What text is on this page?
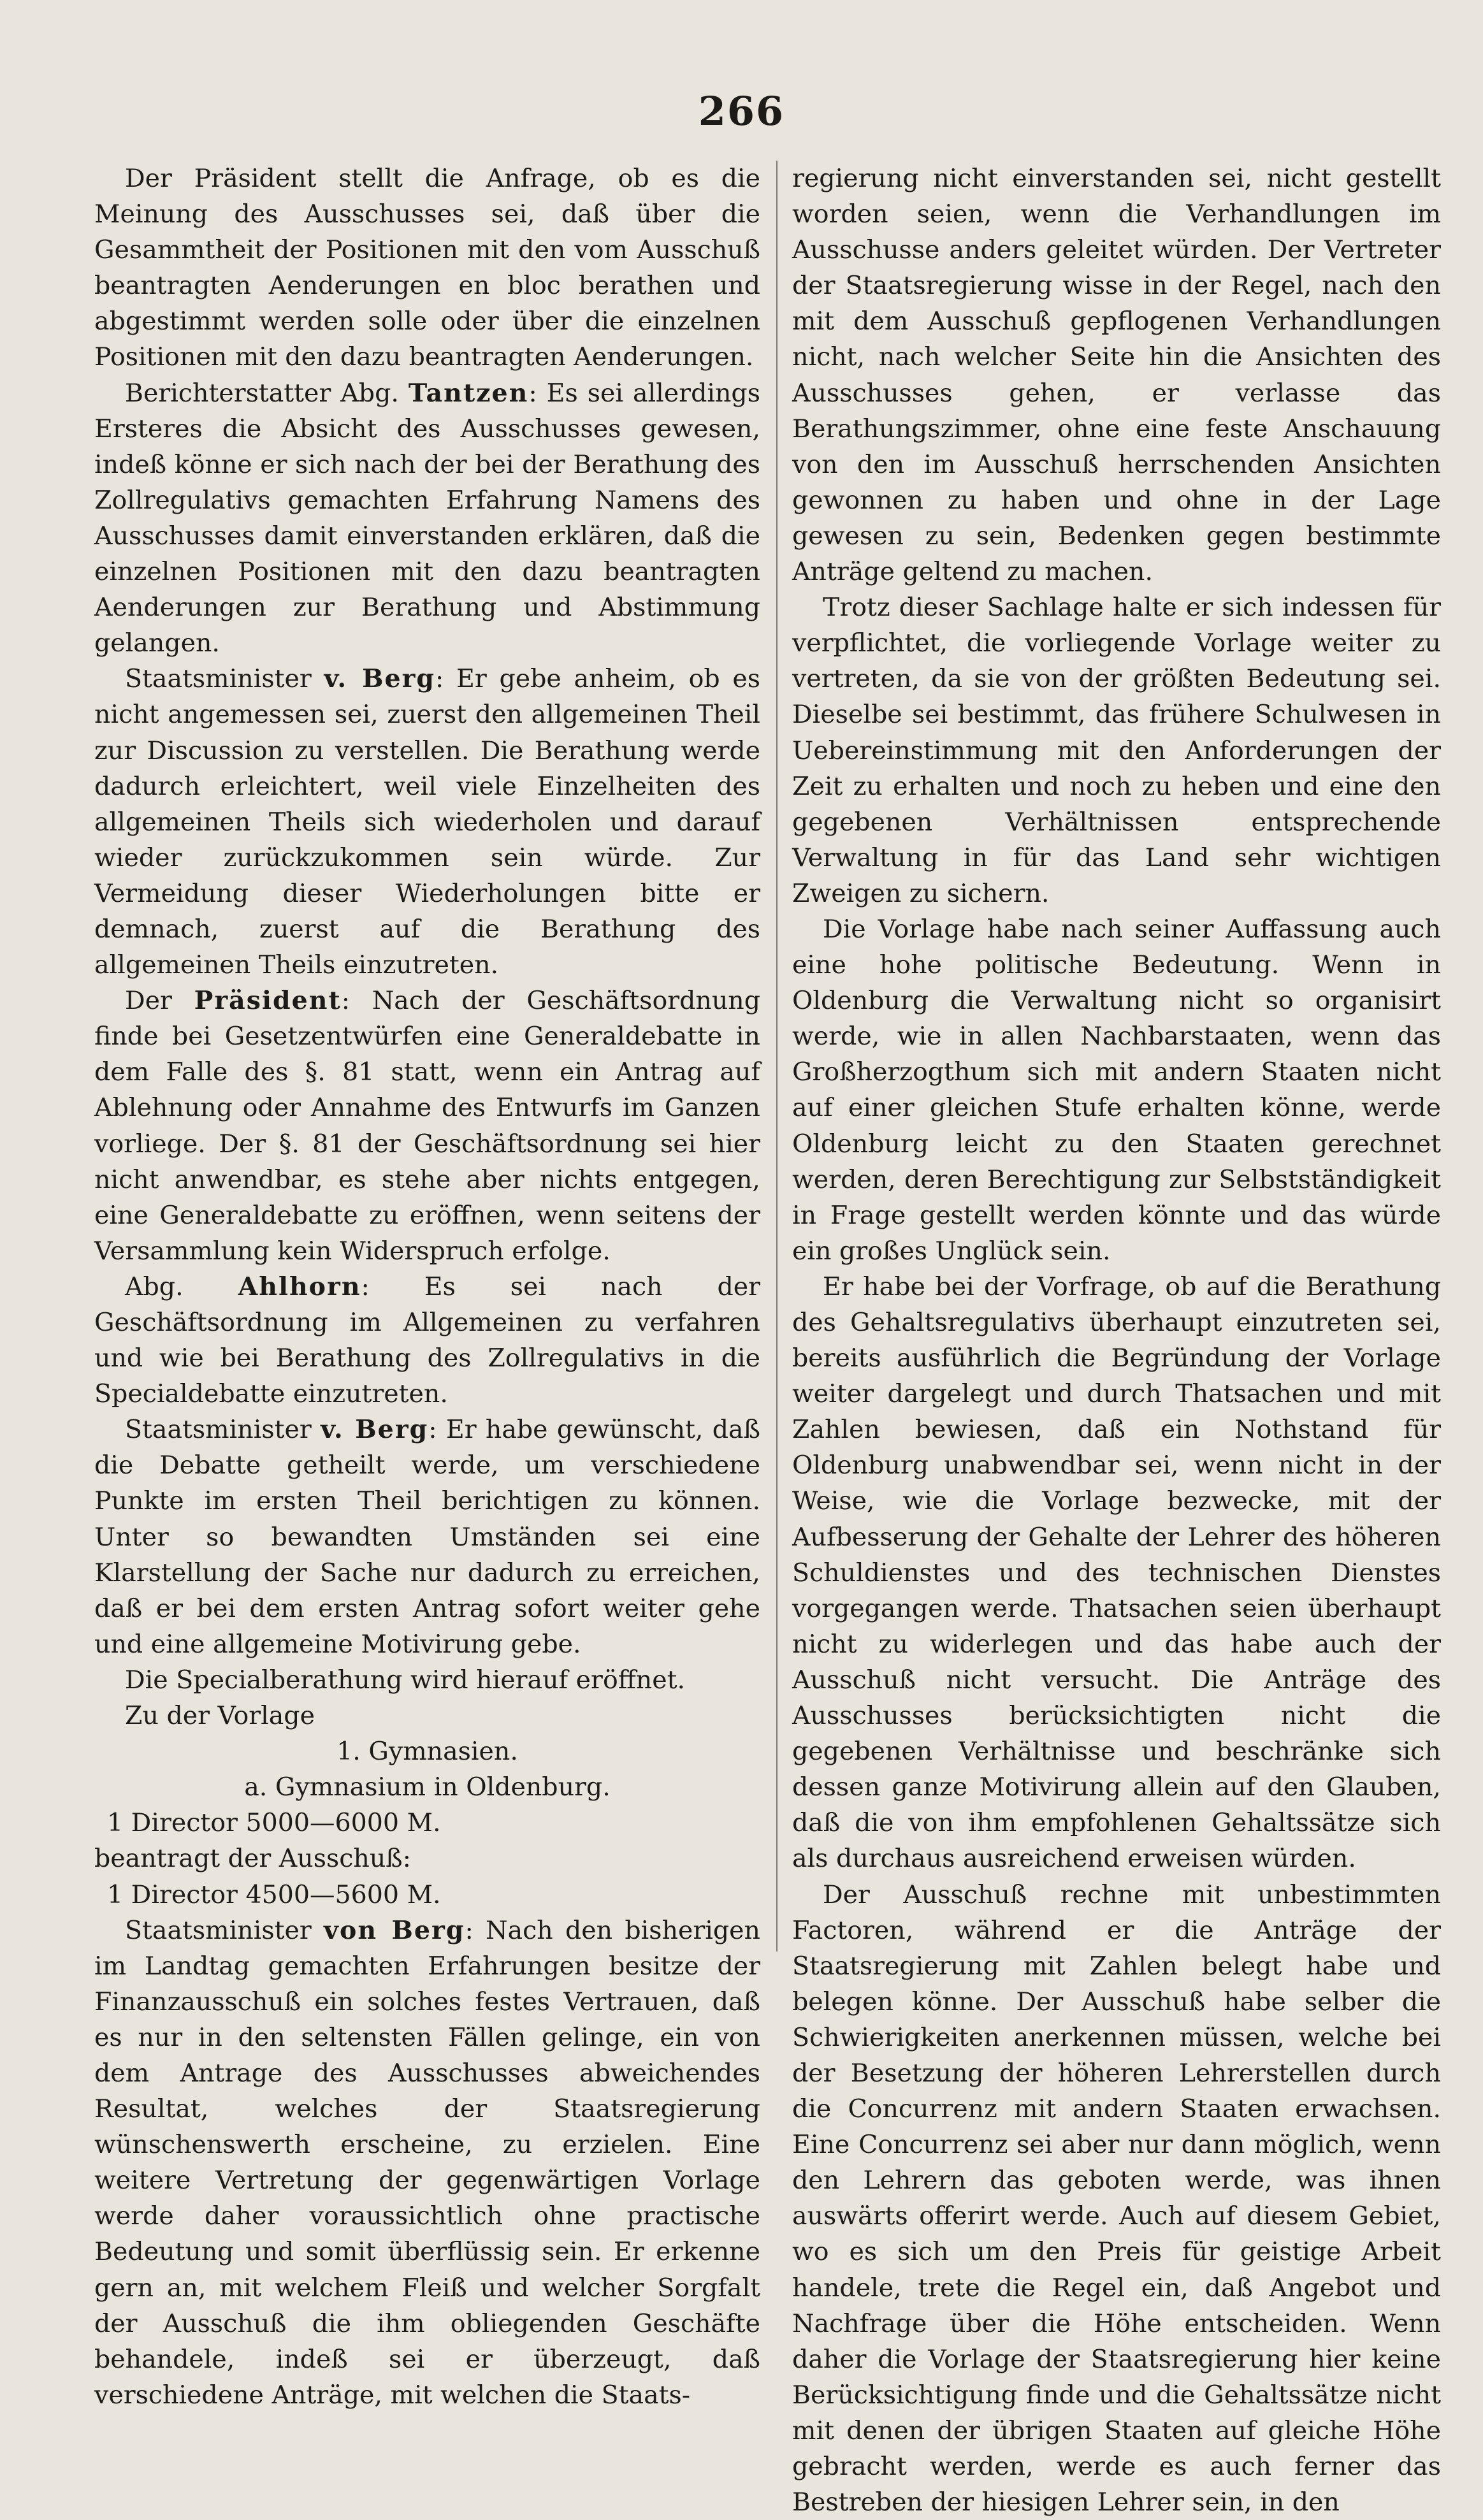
266

Der Präsident stellt die Anfrage, ob es die Meinung des Ausschusses sei, daß über die Gesammtheit der Positionen mit den vom Ausschuß beantragten Aenderungen en bloc berathen und abgestimmt werden solle oder über die einzelnen Positionen mit den dazu beantragten Aenderungen.

Berichterstatter Abg. Tantzen: Es sei allerdings Ersteres die Absicht des Ausschusses gewesen, indeß könne er sich nach der bei der Berathung des Zollregulativs gemachten Erfahrung Namens des Ausschusses damit einverstanden erklären, daß die einzelnen Positionen mit den dazu beantragten Aenderungen zur Berathung und Abstimmung gelangen.

Staatsminister v. Berg: Er gebe anheim, ob es nicht angemessen sei, zuerst den allgemeinen Theil zur Discussion zu verstellen. Die Berathung werde dadurch erleichtert, weil viele Einzelheiten des allgemeinen Theils sich wiederholen und darauf wieder zurückzukommen sein würde. Zur Vermeidung dieser Wiederholungen bitte er demnach, zuerst auf die Berathung des allgemeinen Theils einzutreten.

Der Präsident: Nach der Geschäftsordnung finde bei Gesetzentwürfen eine Generaldebatte in dem Falle des §. 81 statt, wenn ein Antrag auf Ablehnung oder Annahme des Entwurfs im Ganzen vorliege. Der §. 81 der Geschäftsordnung sei hier nicht anwendbar, es stehe aber nichts entgegen, eine Generaldebatte zu eröffnen, wenn seitens der Versammlung kein Widerspruch erfolge.

Abg. Ahlhorn: Es sei nach der Geschäftsordnung im Allgemeinen zu verfahren und wie bei Berathung des Zollregulativs in die Specialdebatte einzutreten.

Staatsminister v. Berg: Er habe gewünscht, daß die Debatte getheilt werde, um verschiedene Punkte im ersten Theil berichtigen zu können. Unter so bewandten Umständen sei eine Klarstellung der Sache nur dadurch zu erreichen, daß er bei dem ersten Antrag sofort weiter gehe und eine allgemeine Motivirung gebe.

Die Specialberathung wird hierauf eröffnet.

Zu der Vorlage

1. Gymnasien.

a. Gymnasium in Oldenburg.

1 Director 5000—6000 M.

beantragt der Ausschuß:

1 Director 4500—5600 M.

Staatsminister von Berg: Nach den bisherigen im Landtag gemachten Erfahrungen besitze der Finanzausschuß ein solches festes Vertrauen, daß es nur in den seltensten Fällen gelinge, ein von dem Antrage des Ausschusses abweichendes Resultat, welches der Staatsregierung wünschenswerth erscheine, zu erzielen. Eine weitere Vertretung der gegenwärtigen Vorlage werde daher voraussichtlich ohne practische Bedeutung und somit überflüssig sein. Er erkenne gern an, mit welchem Fleiß und welcher Sorgfalt der Ausschuß die ihm obliegenden Geschäfte behandele, indeß sei er überzeugt, daß verschiedene Anträge, mit welchen die Staats-

regierung nicht einverstanden sei, nicht gestellt worden seien, wenn die Verhandlungen im Ausschusse anders geleitet würden. Der Vertreter der Staatsregierung wisse in der Regel, nach den mit dem Ausschuß gepflogenen Verhandlungen nicht, nach welcher Seite hin die Ansichten des Ausschusses gehen, er verlasse das Berathungszimmer, ohne eine feste Anschauung von den im Ausschuß herrschenden Ansichten gewonnen zu haben und ohne in der Lage gewesen zu sein, Bedenken gegen bestimmte Anträge geltend zu machen.

Trotz dieser Sachlage halte er sich indessen für verpflichtet, die vorliegende Vorlage weiter zu vertreten, da sie von der größten Bedeutung sei. Dieselbe sei bestimmt, das frühere Schulwesen in Uebereinstimmung mit den Anforderungen der Zeit zu erhalten und noch zu heben und eine den gegebenen Verhältnissen entsprechende Verwaltung in für das Land sehr wichtigen Zweigen zu sichern.

Die Vorlage habe nach seiner Auffassung auch eine hohe politische Bedeutung. Wenn in Oldenburg die Verwaltung nicht so organisirt werde, wie in allen Nachbarstaaten, wenn das Großherzogthum sich mit andern Staaten nicht auf einer gleichen Stufe erhalten könne, werde Oldenburg leicht zu den Staaten gerechnet werden, deren Berechtigung zur Selbstständigkeit in Frage gestellt werden könnte und das würde ein großes Unglück sein.

Er habe bei der Vorfrage, ob auf die Berathung des Gehaltsregulativs überhaupt einzutreten sei, bereits ausführlich die Begründung der Vorlage weiter dargelegt und durch Thatsachen und mit Zahlen bewiesen, daß ein Nothstand für Oldenburg unabwendbar sei, wenn nicht in der Weise, wie die Vorlage bezwecke, mit der Aufbesserung der Gehalte der Lehrer des höheren Schuldienstes und des technischen Dienstes vorgegangen werde. Thatsachen seien überhaupt nicht zu widerlegen und das habe auch der Ausschuß nicht versucht. Die Anträge des Ausschusses berücksichtigten nicht die gegebenen Verhältnisse und beschränke sich dessen ganze Motivirung allein auf den Glauben, daß die von ihm empfohlenen Gehaltssätze sich als durchaus ausreichend erweisen würden.

Der Ausschuß rechne mit unbestimmten Factoren, während er die Anträge der Staatsregierung mit Zahlen belegt habe und belegen könne. Der Ausschuß habe selber die Schwierigkeiten anerkennen müssen, welche bei der Besetzung der höheren Lehrerstellen durch die Concurrenz mit andern Staaten erwachsen. Eine Concurrenz sei aber nur dann möglich, wenn den Lehrern das geboten werde, was ihnen auswärts offerirt werde. Auch auf diesem Gebiet, wo es sich um den Preis für geistige Arbeit handele, trete die Regel ein, daß Angebot und Nachfrage über die Höhe entscheiden. Wenn daher die Vorlage der Staatsregierung hier keine Berücksichtigung finde und die Gehaltssätze nicht mit denen der übrigen Staaten auf gleiche Höhe gebracht werden, werde es auch ferner das Bestreben der hiesigen Lehrer sein, in den
